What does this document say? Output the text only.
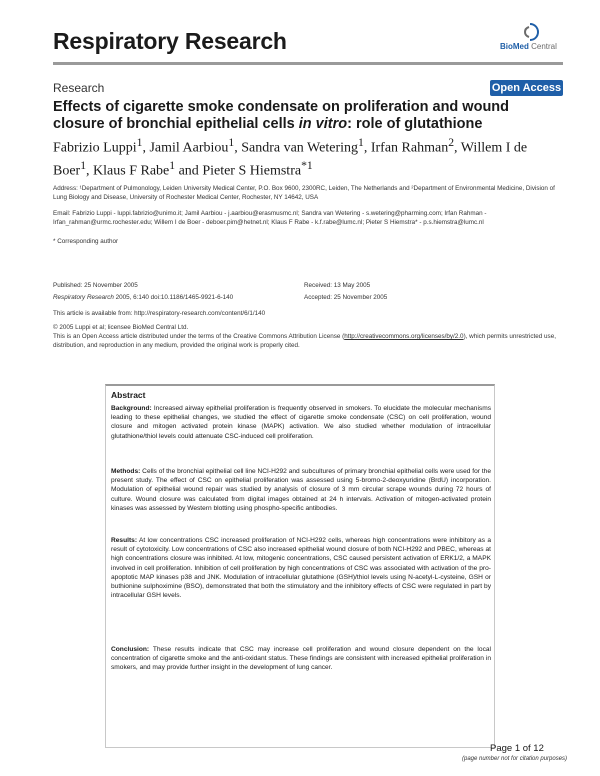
Respiratory Research	BioMed Central
Research	Open Access
Effects of cigarette smoke condensate on proliferation and wound closure of bronchial epithelial cells in vitro: role of glutathione
Fabrizio Luppi$^1$, Jamil Aarbiou$^1$, Sandra van Wetering$^1$, Irfan Rahman$^2$, Willem I de Boer$^1$, Klaus F Rabe$^1$ and Pieter S Hiemstra$^{*1}$
Address: ¹Department of Pulmonology, Leiden University Medical Center, P.O. Box 9600, 2300RC, Leiden, The Netherlands and ²Department of Environmental Medicine, Division of Lung Biology and Disease, University of Rochester Medical Center, Rochester, NY 14642, USA
Email: Fabrizio Luppi - luppi.fabrizio@unimo.it; Jamil Aarbiou - j.aarbiou@erasmusmc.nl; Sandra van Wetering - s.wetering@pharming.com; Irfan Rahman - Irfan_rahman@urmc.rochester.edu; Willem I de Boer - deboer.pim@hetnet.nl; Klaus F Rabe - k.f.rabe@lumc.nl; Pieter S Hiemstra* - p.s.hiemstra@lumc.nl
* Corresponding author
Published: 25 November 2005
Respiratory Research 2005, 6:140 doi:10.1186/1465-9921-6-140
Received: 13 May 2005
Accepted: 25 November 2005
This article is available from: http://respiratory-research.com/content/6/1/140
© 2005 Luppi et al; licensee BioMed Central Ltd.
This is an Open Access article distributed under the terms of the Creative Commons Attribution License (http://creativecommons.org/licenses/by/2.0), which permits unrestricted use, distribution, and reproduction in any medium, provided the original work is properly cited.
Abstract
Background: Increased airway epithelial proliferation is frequently observed in smokers. To elucidate the molecular mechanisms leading to these epithelial changes, we studied the effect of cigarette smoke condensate (CSC) on cell proliferation, wound closure and mitogen activated protein kinase (MAPK) activation. We also studied whether modulation of intracellular glutathione/thiol levels could attenuate CSC-induced cell proliferation.
Methods: Cells of the bronchial epithelial cell line NCI-H292 and subcultures of primary bronchial epithelial cells were used for the present study. The effect of CSC on epithelial proliferation was assessed using 5-bromo-2-deoxyuridine (BrdU) incorporation. Modulation of epithelial wound repair was studied by analysis of closure of 3 mm circular scrape wounds during 72 hours of culture. Wound closure was calculated from digital images obtained at 24 h intervals. Activation of mitogen-activated protein kinases was assessed by Western blotting using phospho-specific antibodies.
Results: At low concentrations CSC increased proliferation of NCI-H292 cells, whereas high concentrations were inhibitory as a result of cytotoxicity. Low concentrations of CSC also increased epithelial wound closure of both NCI-H292 and PBEC, whereas at high concentrations closure was inhibited. At low, mitogenic concentrations, CSC caused persistent activation of ERK1/2, a MAPK involved in cell proliferation. Inhibition of cell proliferation by high concentrations of CSC was associated with activation of the pro-apoptotic MAP kinases p38 and JNK. Modulation of intracellular glutathione (GSH)/thiol levels using N-acetyl-L-cysteine, GSH or buthionine sulphoximine (BSO), demonstrated that both the stimulatory and the inhibitory effects of CSC were regulated in part by intracellular GSH levels.
Conclusion: These results indicate that CSC may increase cell proliferation and wound closure dependent on the local concentration of cigarette smoke and the anti-oxidant status. These findings are consistent with increased epithelial proliferation in smokers, and may provide further insight in the development of lung cancer.
Page 1 of 12
(page number not for citation purposes)
